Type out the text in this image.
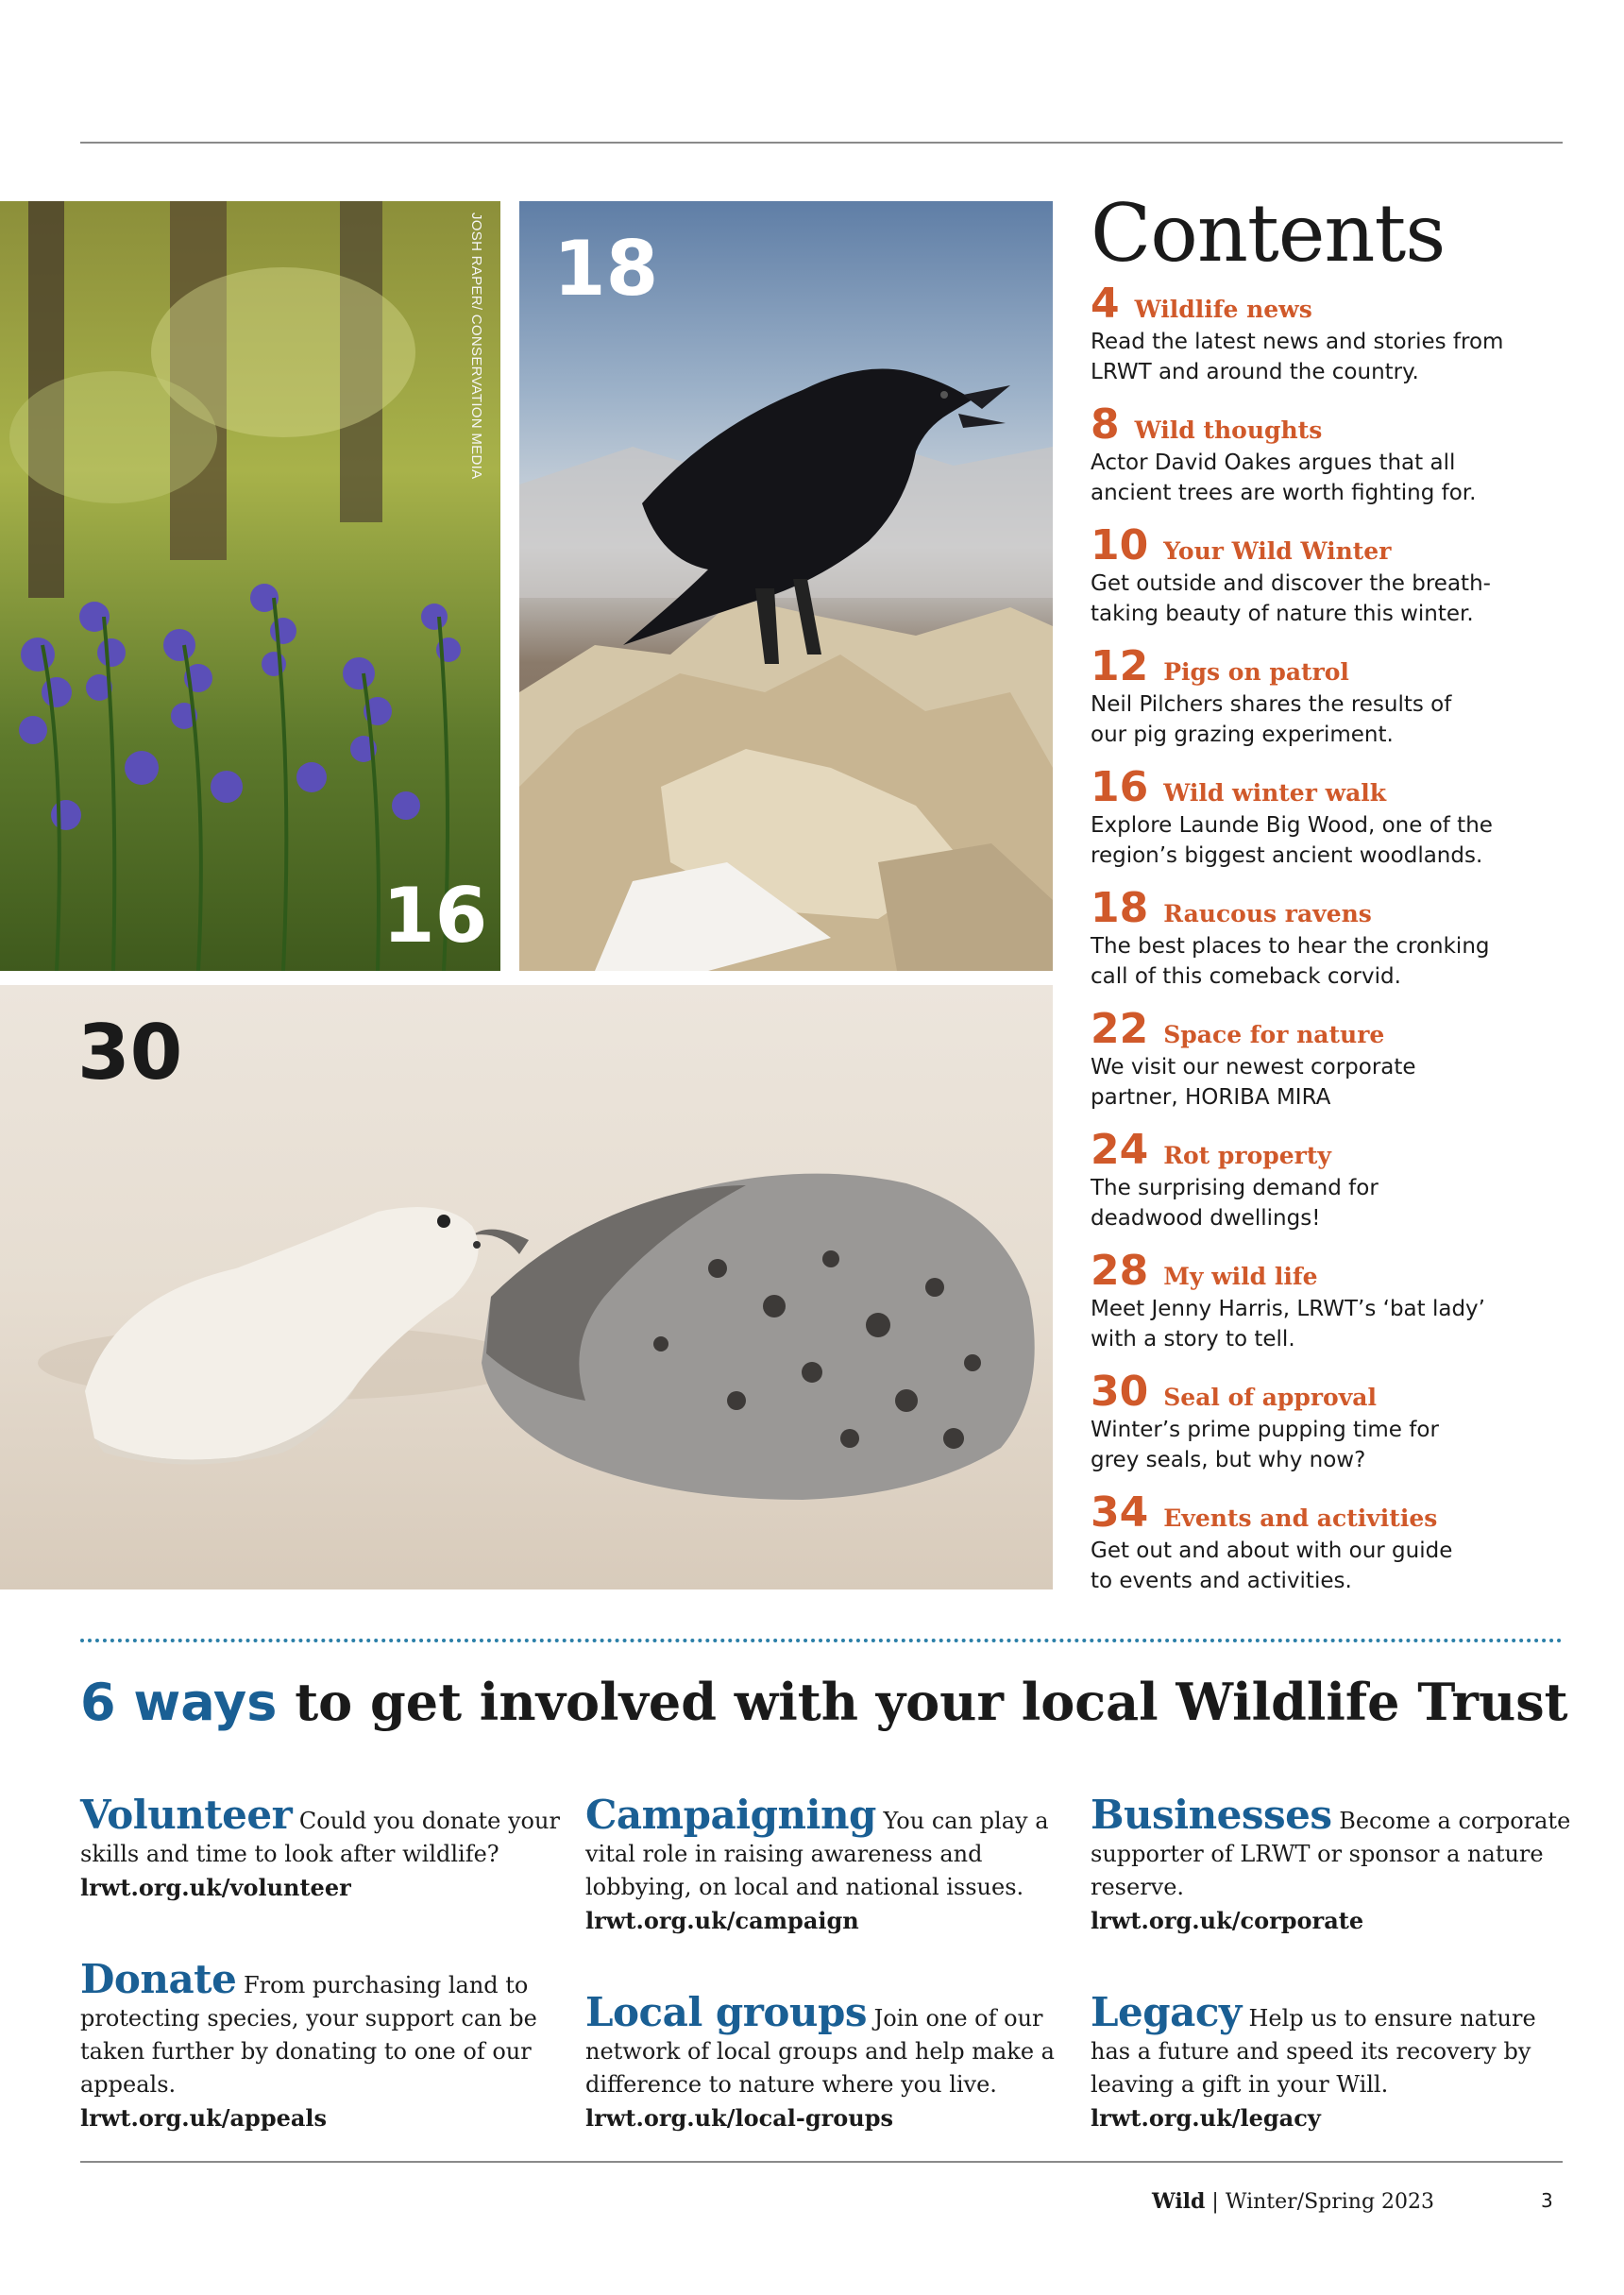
JOSH RAPER/ CONSERVATION MEDIA
16
18
30
Contents
4 Wildlife news
Read the latest news and stories from
LRWT and around the country.
8 Wild thoughts
Actor David Oakes argues that all
ancient trees are worth fighting for.
10 Your Wild Winter
Get outside and discover the breath-
taking beauty of nature this winter.
12 Pigs on patrol
Neil Pilchers shares the results of
our pig grazing experiment.
16 Wild winter walk
Explore Launde Big Wood, one of the
region’s biggest ancient woodlands.
18 Raucous ravens
The best places to hear the cronking
call of this comeback corvid.
22 Space for nature
We visit our newest corporate
partner, HORIBA MIRA
24 Rot property
The surprising demand for
deadwood dwellings!
28 My wild life
Meet Jenny Harris, LRWT’s ‘bat lady’
with a story to tell.
30 Seal of approval
Winter’s prime pupping time for
grey seals, but why now?
34 Events and activities
Get out and about with our guide
to events and activities.
6 ways to get involved with your local Wildlife Trust
Volunteer Could you donate your skills and time to look after wildlife?
lrwt.org.uk/volunteer
Campaigning You can play a vital role in raising awareness and lobbying, on local and national issues.
lrwt.org.uk/campaign
Businesses Become a corporate supporter of LRWT or sponsor a nature reserve.
lrwt.org.uk/corporate
Donate From purchasing land to protecting species, your support can be taken further by donating to one of our appeals.
lrwt.org.uk/appeals
Local groups Join one of our network of local groups and help make a difference to nature where you live.
lrwt.org.uk/local-groups
Legacy Help us to ensure nature has a future and speed its recovery by leaving a gift in your Will.
lrwt.org.uk/legacy
Wild | Winter/Spring 2023	3
